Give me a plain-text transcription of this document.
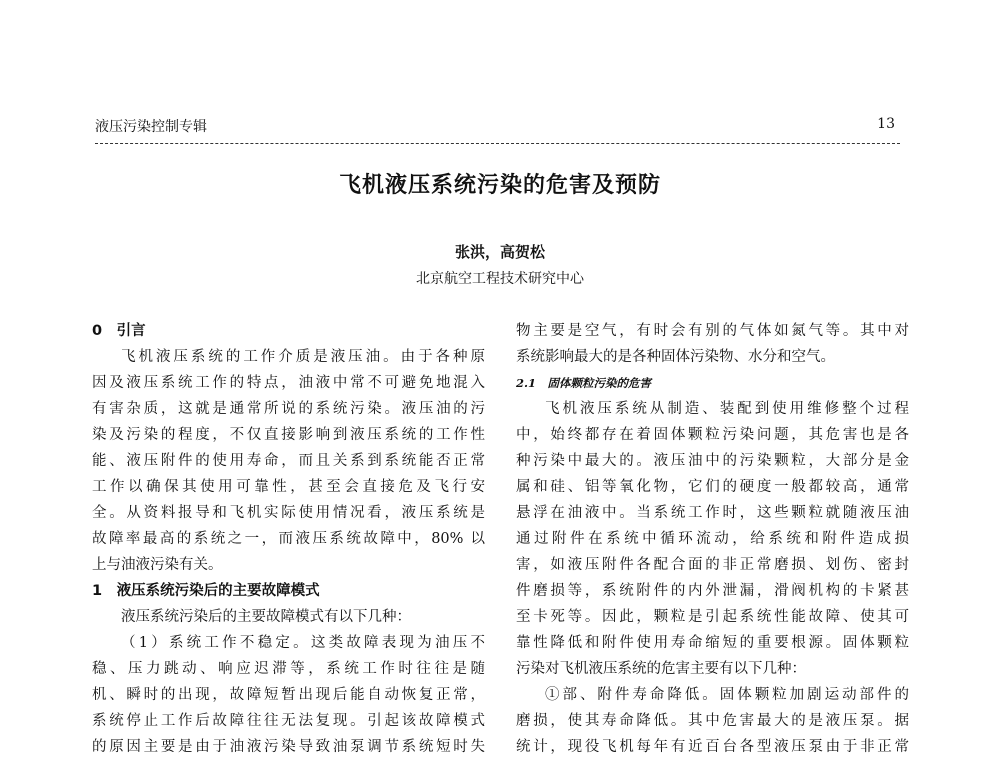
液压污染控制专辑	13
飞机液压系统污染的危害及预防
张洪，高贺松
北京航空工程技术研究中心
0　引言
飞机液压系统的工作介质是液压油。由于各种原
因及液压系统工作的特点，油液中常不可避免地混入
有害杂质，这就是通常所说的系统污染。液压油的污
染及污染的程度，不仅直接影响到液压系统的工作性
能、液压附件的使用寿命，而且关系到系统能否正常
工作以确保其使用可靠性，甚至会直接危及飞行安
全。从资料报导和飞机实际使用情况看，液压系统是
故障率最高的系统之一，而液压系统故障中，80% 以
上与油液污染有关。
1　液压系统污染后的主要故障模式
液压系统污染后的主要故障模式有以下几种：
（1）系统工作不稳定。这类故障表现为油压不
稳、压力跳动、响应迟滞等，系统工作时往往是随
机、瞬时的出现，故障短暂出现后能自动恢复正常，
系统停止工作后故障往往无法复现。引起该故障模式
的原因主要是由于油液污染导致油泵调节系统短时失
物主要是空气，有时会有别的气体如氮气等。其中对
系统影响最大的是各种固体污染物、水分和空气。
2.1　固体颗粒污染的危害
飞机液压系统从制造、装配到使用维修整个过程
中，始终都存在着固体颗粒污染问题，其危害也是各
种污染中最大的。液压油中的污染颗粒，大部分是金
属和硅、铝等氧化物，它们的硬度一般都较高，通常
悬浮在油液中。当系统工作时，这些颗粒就随液压油
通过附件在系统中循环流动，给系统和附件造成损
害，如液压附件各配合面的非正常磨损、划伤、密封
件磨损等，系统附件的内外泄漏，滑阀机构的卡紧甚
至卡死等。因此，颗粒是引起系统性能故障、使其可
靠性降低和附件使用寿命缩短的重要根源。固体颗粒
污染对飞机液压系统的危害主要有以下几种：
①部、附件寿命降低。固体颗粒加剧运动部件的
磨损，使其寿命降低。其中危害最大的是液压泵。据
统计，现役飞机每年有近百台各型液压泵由于非正常
